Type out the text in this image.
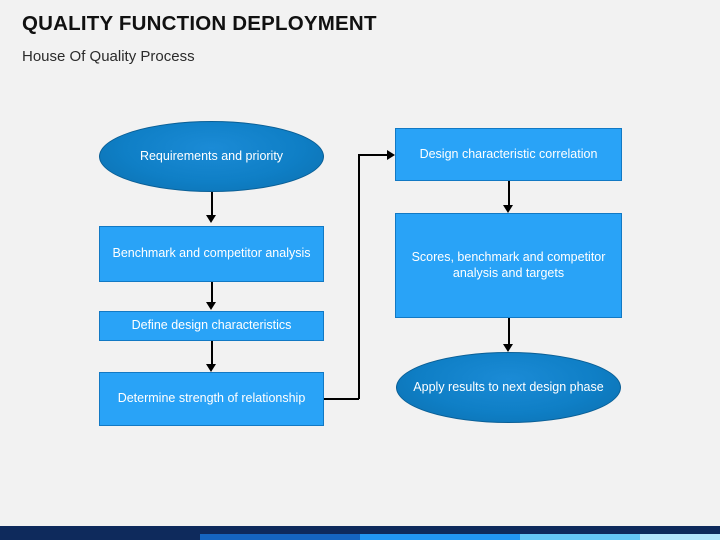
QUALITY FUNCTION DEPLOYMENT
House Of Quality Process
Requirements and priority
Benchmark and competitor analysis
Define design characteristics
Determine strength of relationship
Design characteristic correlation
Scores, benchmark and competitor analysis and targets
Apply results to next design phase
